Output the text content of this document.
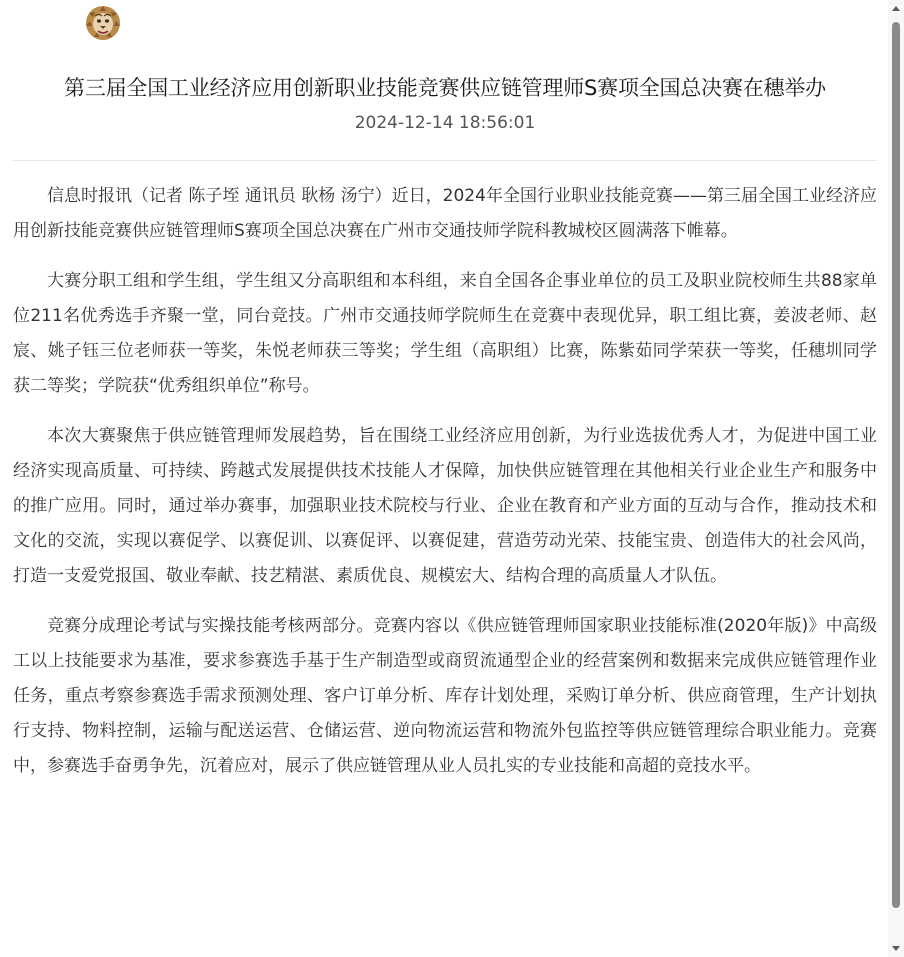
第三届全国工业经济应用创新职业技能竞赛供应链管理师S赛项全国总决赛在穗举办
2024-12-14 18:56:01

信息时报讯（记者 陈子垤 通讯员 耿杨 汤宁）近日，2024年全国行业职业技能竞赛——第三届全国工业经济应用创新技能竞赛供应链管理师S赛项全国总决赛在广州市交通技师学院科教城校区圆满落下帷幕。

大赛分职工组和学生组，学生组又分高职组和本科组，来自全国各企事业单位的员工及职业院校师生共88家单位211名优秀选手齐聚一堂，同台竞技。广州市交通技师学院师生在竞赛中表现优异，职工组比赛，姜波老师、赵宸、姚子钰三位老师获一等奖，朱悦老师获三等奖；学生组（高职组）比赛，陈紫茹同学荣获一等奖，任穗圳同学获二等奖；学院获“优秀组织单位”称号。

本次大赛聚焦于供应链管理师发展趋势，旨在围绕工业经济应用创新，为行业选拔优秀人才，为促进中国工业经济实现高质量、可持续、跨越式发展提供技术技能人才保障，加快供应链管理在其他相关行业企业生产和服务中的推广应用。同时，通过举办赛事，加强职业技术院校与行业、企业在教育和产业方面的互动与合作，推动技术和文化的交流，实现以赛促学、以赛促训、以赛促评、以赛促建，营造劳动光荣、技能宝贵、创造伟大的社会风尚，打造一支爱党报国、敬业奉献、技艺精湛、素质优良、规模宏大、结构合理的高质量人才队伍。

竞赛分成理论考试与实操技能考核两部分。竞赛内容以《供应链管理师国家职业技能标准(2020年版)》中高级工以上技能要求为基准，要求参赛选手基于生产制造型或商贸流通型企业的经营案例和数据来完成供应链管理作业任务，重点考察参赛选手需求预测处理、客户订单分析、库存计划处理，采购订单分析、供应商管理，生产计划执行支持、物料控制，运输与配送运营、仓储运营、逆向物流运营和物流外包监控等供应链管理综合职业能力。竞赛中，参赛选手奋勇争先，沉着应对，展示了供应链管理从业人员扎实的专业技能和高超的竞技水平。
